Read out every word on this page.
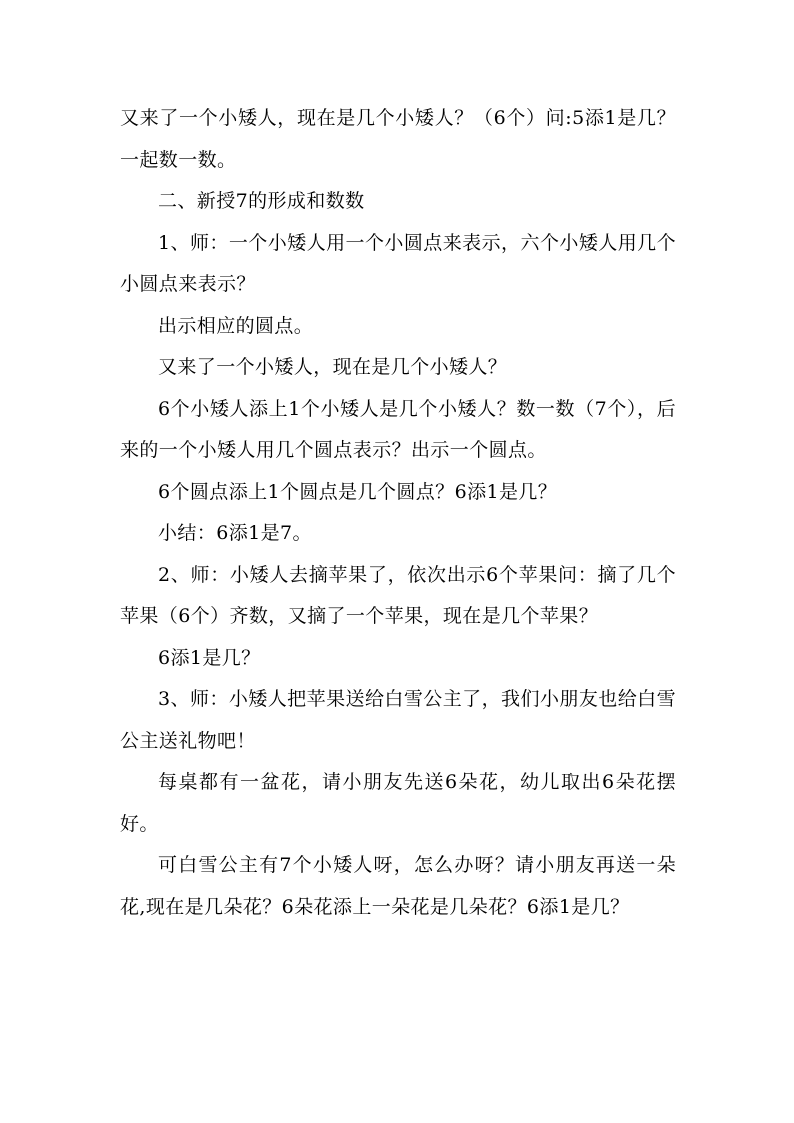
又来了一个小矮人，现在是几个小矮人？（6个）问:5添1是几？一起数一数。

二、新授7的形成和数数

1、师：一个小矮人用一个小圆点来表示，六个小矮人用几个小圆点来表示？

出示相应的圆点。

又来了一个小矮人，现在是几个小矮人？

6个小矮人添上1个小矮人是几个小矮人？数一数（7个），后来的一个小矮人用几个圆点表示？出示一个圆点。

6个圆点添上1个圆点是几个圆点？6添1是几？

小结：6添1是7。

2、师：小矮人去摘苹果了，依次出示6个苹果问：摘了几个苹果（6个）齐数，又摘了一个苹果，现在是几个苹果？

6添1是几？

3、师：小矮人把苹果送给白雪公主了，我们小朋友也给白雪公主送礼物吧！

每桌都有一盆花，请小朋友先送6朵花，幼儿取出6朵花摆好。

可白雪公主有7个小矮人呀，怎么办呀？请小朋友再送一朵花,现在是几朵花？6朵花添上一朵花是几朵花？6添1是几？
